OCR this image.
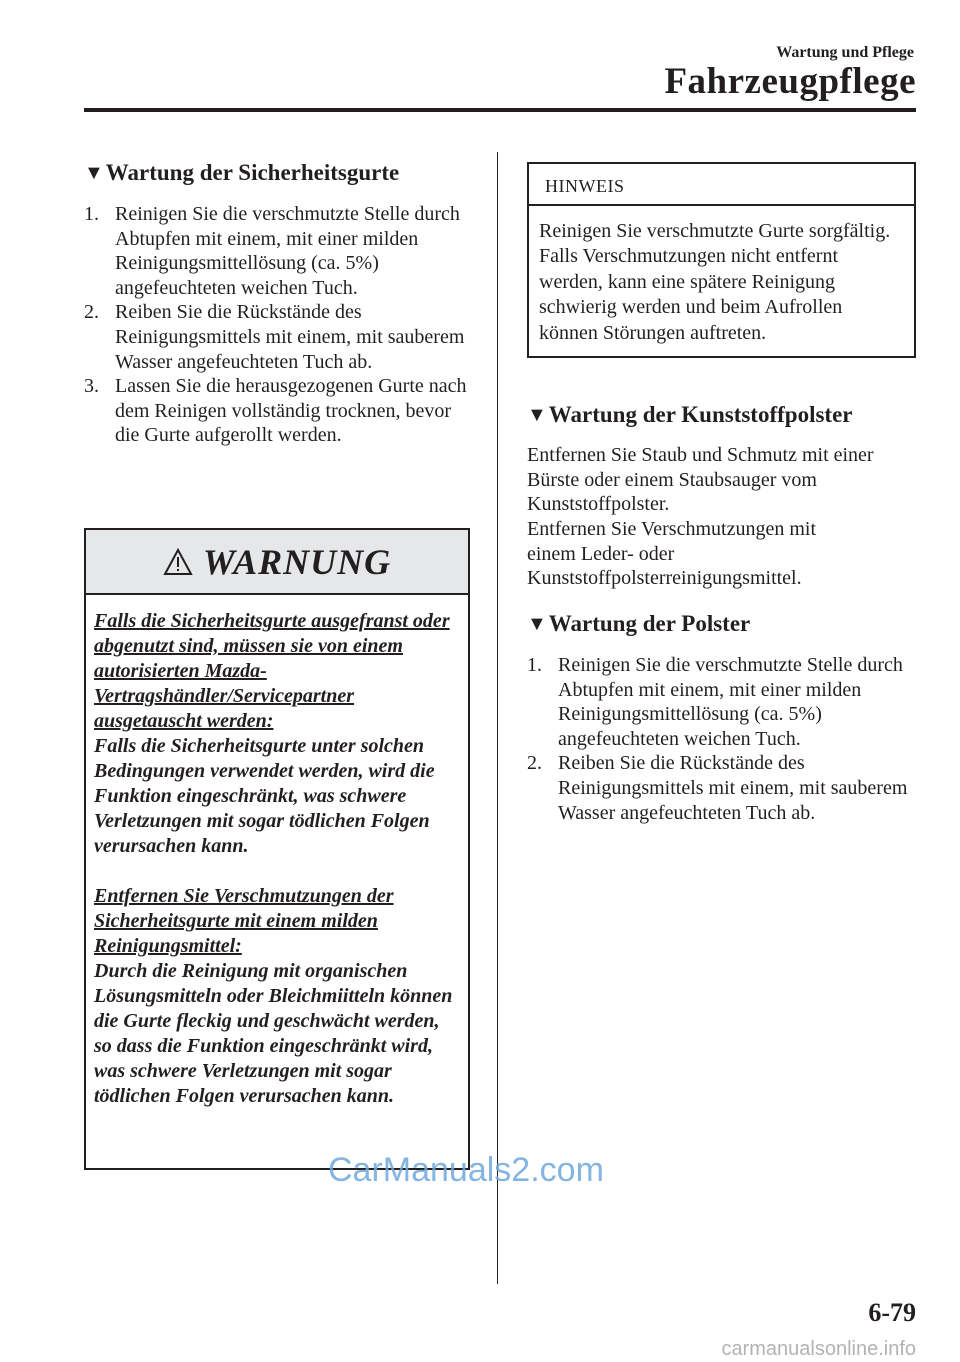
Wartung und Pflege
Fahrzeugpflege
▼Wartung der Sicherheitsgurte
1. Reinigen Sie die verschmutzte Stelle durch Abtupfen mit einem, mit einer milden Reinigungsmittellösung (ca. 5%) angefeuchteten weichen Tuch.
2. Reiben Sie die Rückstände des Reinigungsmittels mit einem, mit sauberem Wasser angefeuchteten Tuch ab.
3. Lassen Sie die herausgezogenen Gurte nach dem Reinigen vollständig trocknen, bevor die Gurte aufgerollt werden.
WARNUNG

Falls die Sicherheitsgurte ausgefranst oder abgenutzt sind, müssen sie von einem autorisierten Mazda-Vertragshändler/Servicepartner ausgetauscht werden:

Falls die Sicherheitsgurte unter solchen Bedingungen verwendet werden, wird die Funktion eingeschränkt, was schwere Verletzungen mit sogar tödlichen Folgen verursachen kann.

Entfernen Sie Verschmutzungen der Sicherheitsgurte mit einem milden Reinigungsmittel:

Durch die Reinigung mit organischen Lösungsmitteln oder Bleichmiitteln können die Gurte fleckig und geschwächt werden, so dass die Funktion eingeschränkt wird, was schwere Verletzungen mit sogar tödlichen Folgen verursachen kann.

HINWEIS
Reinigen Sie verschmutzte Gurte sorgfältig. Falls Verschmutzungen nicht entfernt werden, kann eine spätere Reinigung schwierig werden und beim Aufrollen können Störungen auftreten.
▼Wartung der Kunststoffpolster

Entfernen Sie Staub und Schmutz mit einer Bürste oder einem Staubsauger vom Kunststoffpolster.

Entfernen Sie Verschmutzungen mit einem Leder- oder Kunststoffpolsterreinigungsmittel.

▼Wartung der Polster
1. Reinigen Sie die verschmutzte Stelle durch Abtupfen mit einem, mit einer milden Reinigungsmittellösung (ca. 5%) angefeuchteten weichen Tuch.
2. Reiben Sie die Rückstände des Reinigungsmittels mit einem, mit sauberem Wasser angefeuchteten Tuch ab.
6-79
CarManuals2.com
carmanualsonline.info
